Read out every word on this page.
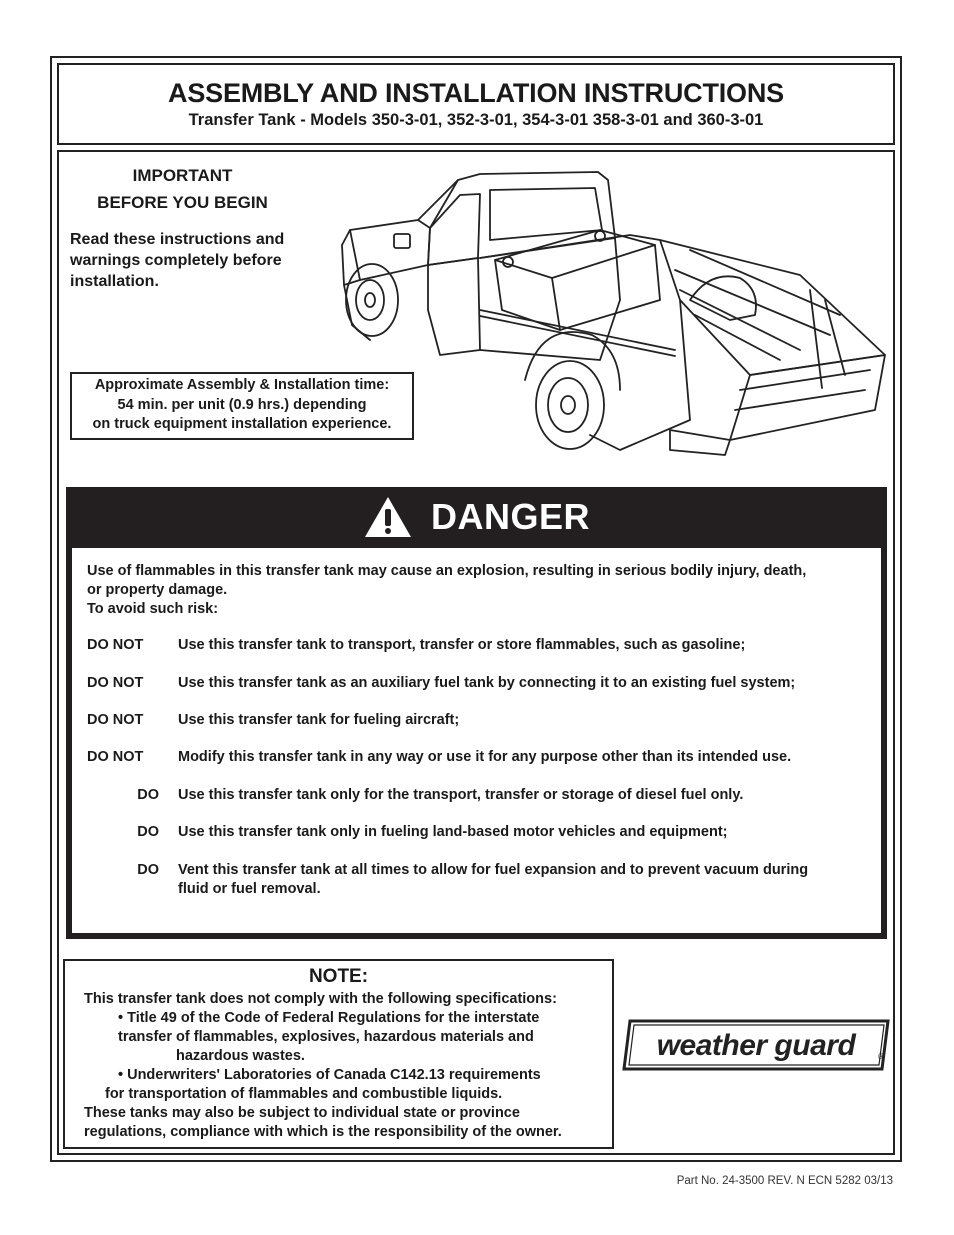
ASSEMBLY AND INSTALLATION INSTRUCTIONS
Transfer Tank - Models 350-3-01, 352-3-01, 354-3-01 358-3-01 and 360-3-01
IMPORTANT
BEFORE YOU BEGIN
Read these instructions and
warnings completely before
installation.
Approximate Assembly & Installation time:
54 min. per unit (0.9 hrs.) depending
on truck equipment installation experience.
DANGER
Use of flammables in this transfer tank may cause an explosion, resulting in serious bodily injury, death,
or property damage.
To avoid such risk:
DO NOT	Use this transfer tank to transport, transfer or store flammables, such as gasoline;
DO NOT	Use this transfer tank as an auxiliary fuel tank by connecting it to an existing fuel system;
DO NOT	Use this transfer tank for fueling aircraft;
DO NOT	Modify this transfer tank in any way or use it for any purpose other than its intended use.
DO Use this transfer tank only for the transport, transfer or storage of diesel fuel only.
DO Use this transfer tank only in fueling land-based motor vehicles and equipment;
DO Vent this transfer tank at all times to allow for fuel expansion and to prevent vacuum during
fluid or fuel removal.
NOTE:
This transfer tank does not comply with the following specifications:
• Title 49 of the Code of Federal Regulations for the interstate
transfer of flammables, explosives, hazardous materials and
hazardous wastes.
• Underwriters' Laboratories of Canada C142.13 requirements
for transportation of flammables and combustible liquids.
These tanks may also be subject to individual state or province
regulations, compliance with which is the responsibility of the owner.
weather guard	®
Part No. 24-3500 REV. N ECN 5282 03/13
